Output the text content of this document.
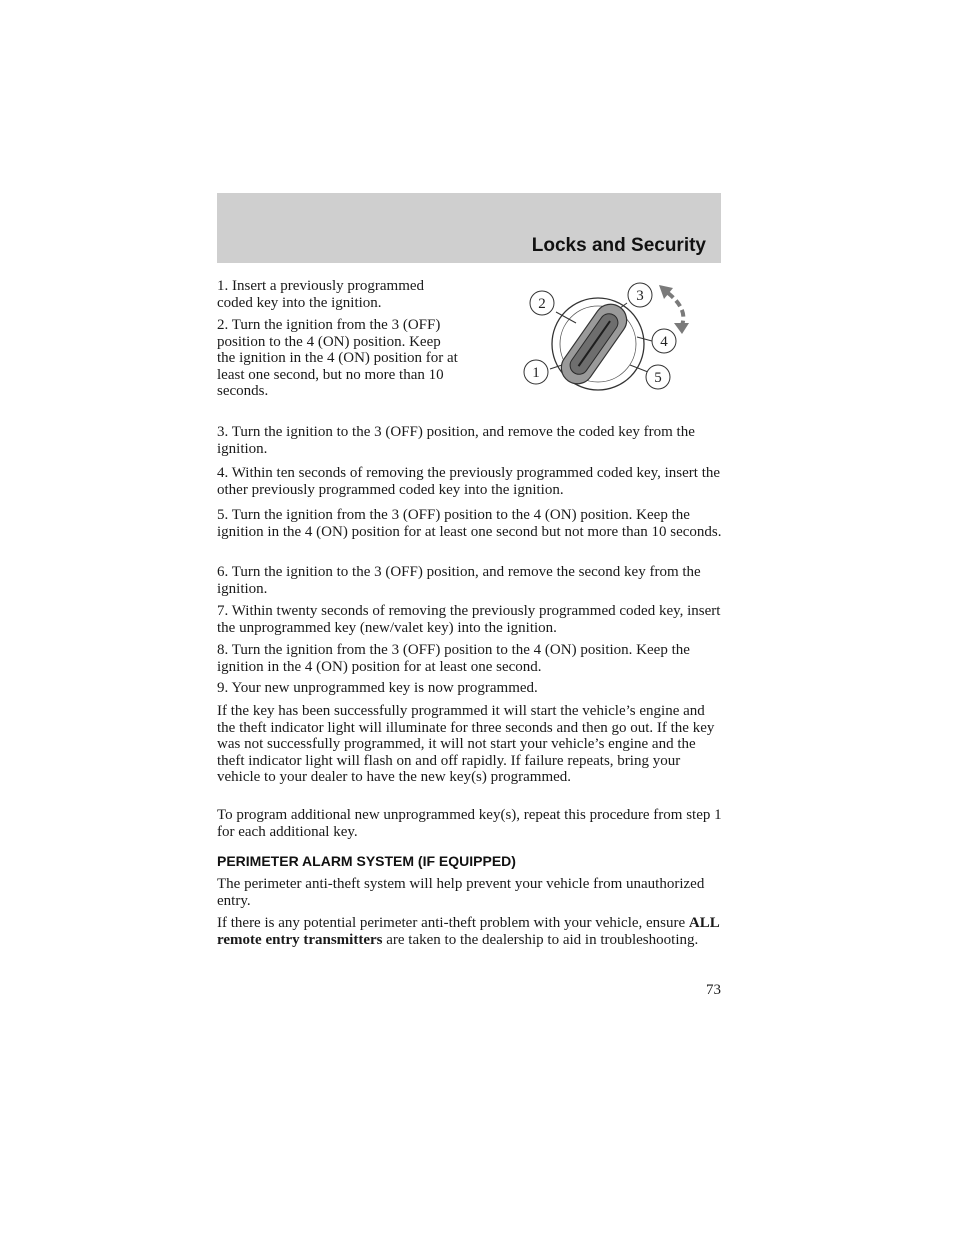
Locks and Security

1. Insert a previously programmed coded key into the ignition.

2. Turn the ignition from the 3 (OFF) position to the 4 (ON) position. Keep the ignition in the 4 (ON) position for at least one second, but no more than 10 seconds.

2	3
4
5
1

3. Turn the ignition to the 3 (OFF) position, and remove the coded key from the ignition.

4. Within ten seconds of removing the previously programmed coded key, insert the other previously programmed coded key into the ignition.

5. Turn the ignition from the 3 (OFF) position to the 4 (ON) position. Keep the ignition in the 4 (ON) position for at least one second but not more than 10 seconds.

6. Turn the ignition to the 3 (OFF) position, and remove the second key from the ignition.

7. Within twenty seconds of removing the previously programmed coded key, insert the unprogrammed key (new/valet key) into the ignition.

8. Turn the ignition from the 3 (OFF) position to the 4 (ON) position. Keep the ignition in the 4 (ON) position for at least one second.

9. Your new unprogrammed key is now programmed.

If the key has been successfully programmed it will start the vehicle’s engine and the theft indicator light will illuminate for three seconds and then go out. If the key was not successfully programmed, it will not start your vehicle’s engine and the theft indicator light will flash on and off rapidly. If failure repeats, bring your vehicle to your dealer to have the new key(s) programmed.

To program additional new unprogrammed key(s), repeat this procedure from step 1 for each additional key.

PERIMETER ALARM SYSTEM (IF EQUIPPED)

The perimeter anti-theft system will help prevent your vehicle from unauthorized entry.

If there is any potential perimeter anti-theft problem with your vehicle, ensure ALL remote entry transmitters are taken to the dealership to aid in troubleshooting.

73
